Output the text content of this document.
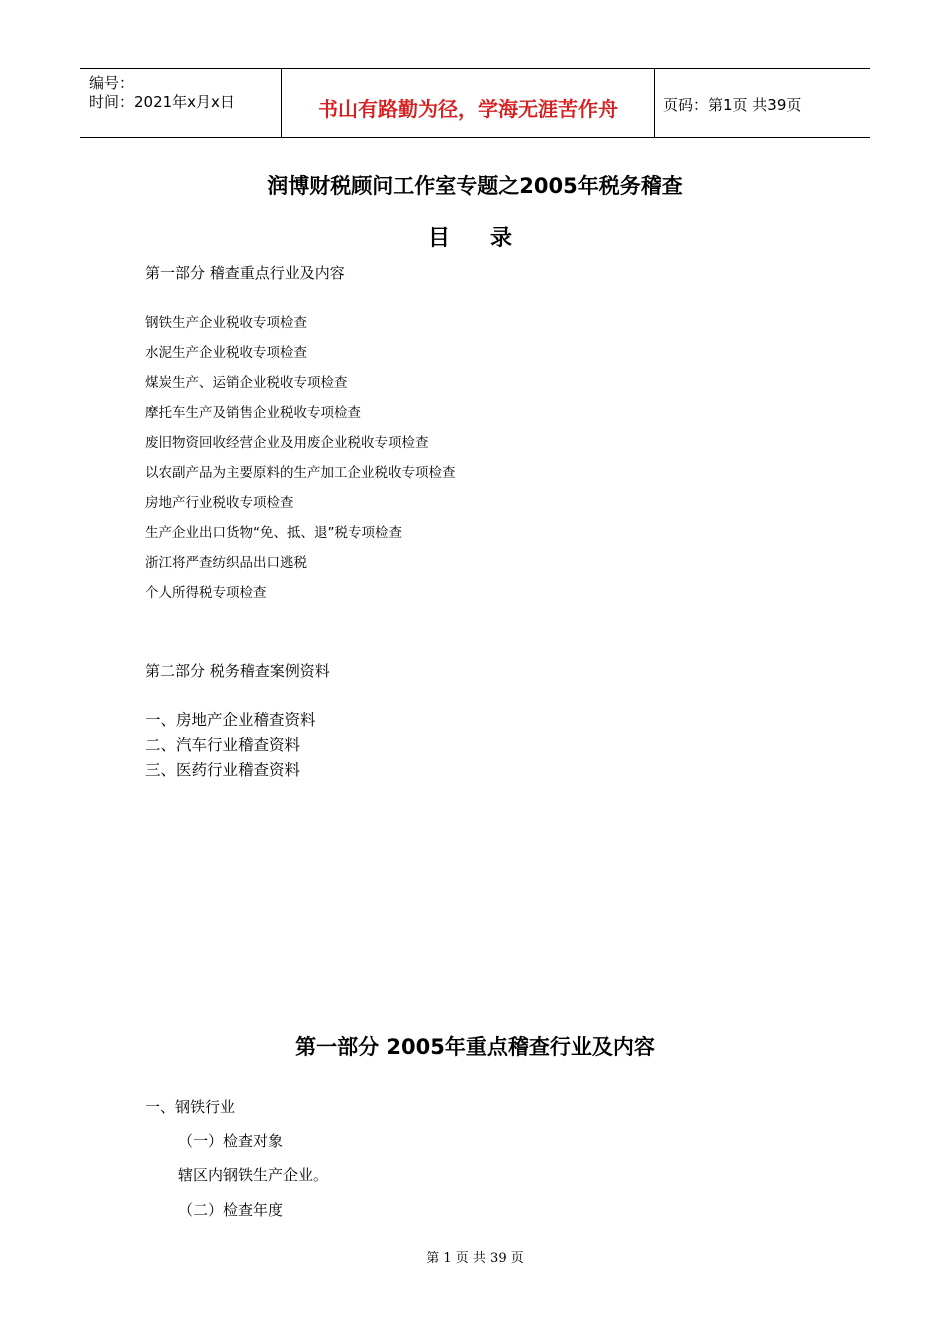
编号：
时间：2021年x月x日	书山有路勤为径，学海无涯苦作舟	页码：第1页 共39页
润博财税顾问工作室专题之2005年税务稽查
目录
第一部分 稽查重点行业及内容
钢铁生产企业税收专项检查
水泥生产企业税收专项检查
煤炭生产、运销企业税收专项检查
摩托车生产及销售企业税收专项检查
废旧物资回收经营企业及用废企业税收专项检查
以农副产品为主要原料的生产加工企业税收专项检查
房地产行业税收专项检查
生产企业出口货物“免、抵、退”税专项检查
浙江将严查纺织品出口逃税
个人所得税专项检查
第二部分 税务稽查案例资料
一、房地产企业稽查资料
二、汽车行业稽查资料
三、医药行业稽查资料
第一部分 2005年重点稽查行业及内容
一、钢铁行业
（一）检查对象
辖区内钢铁生产企业。
（二）检查年度
第 1 页 共 39 页
